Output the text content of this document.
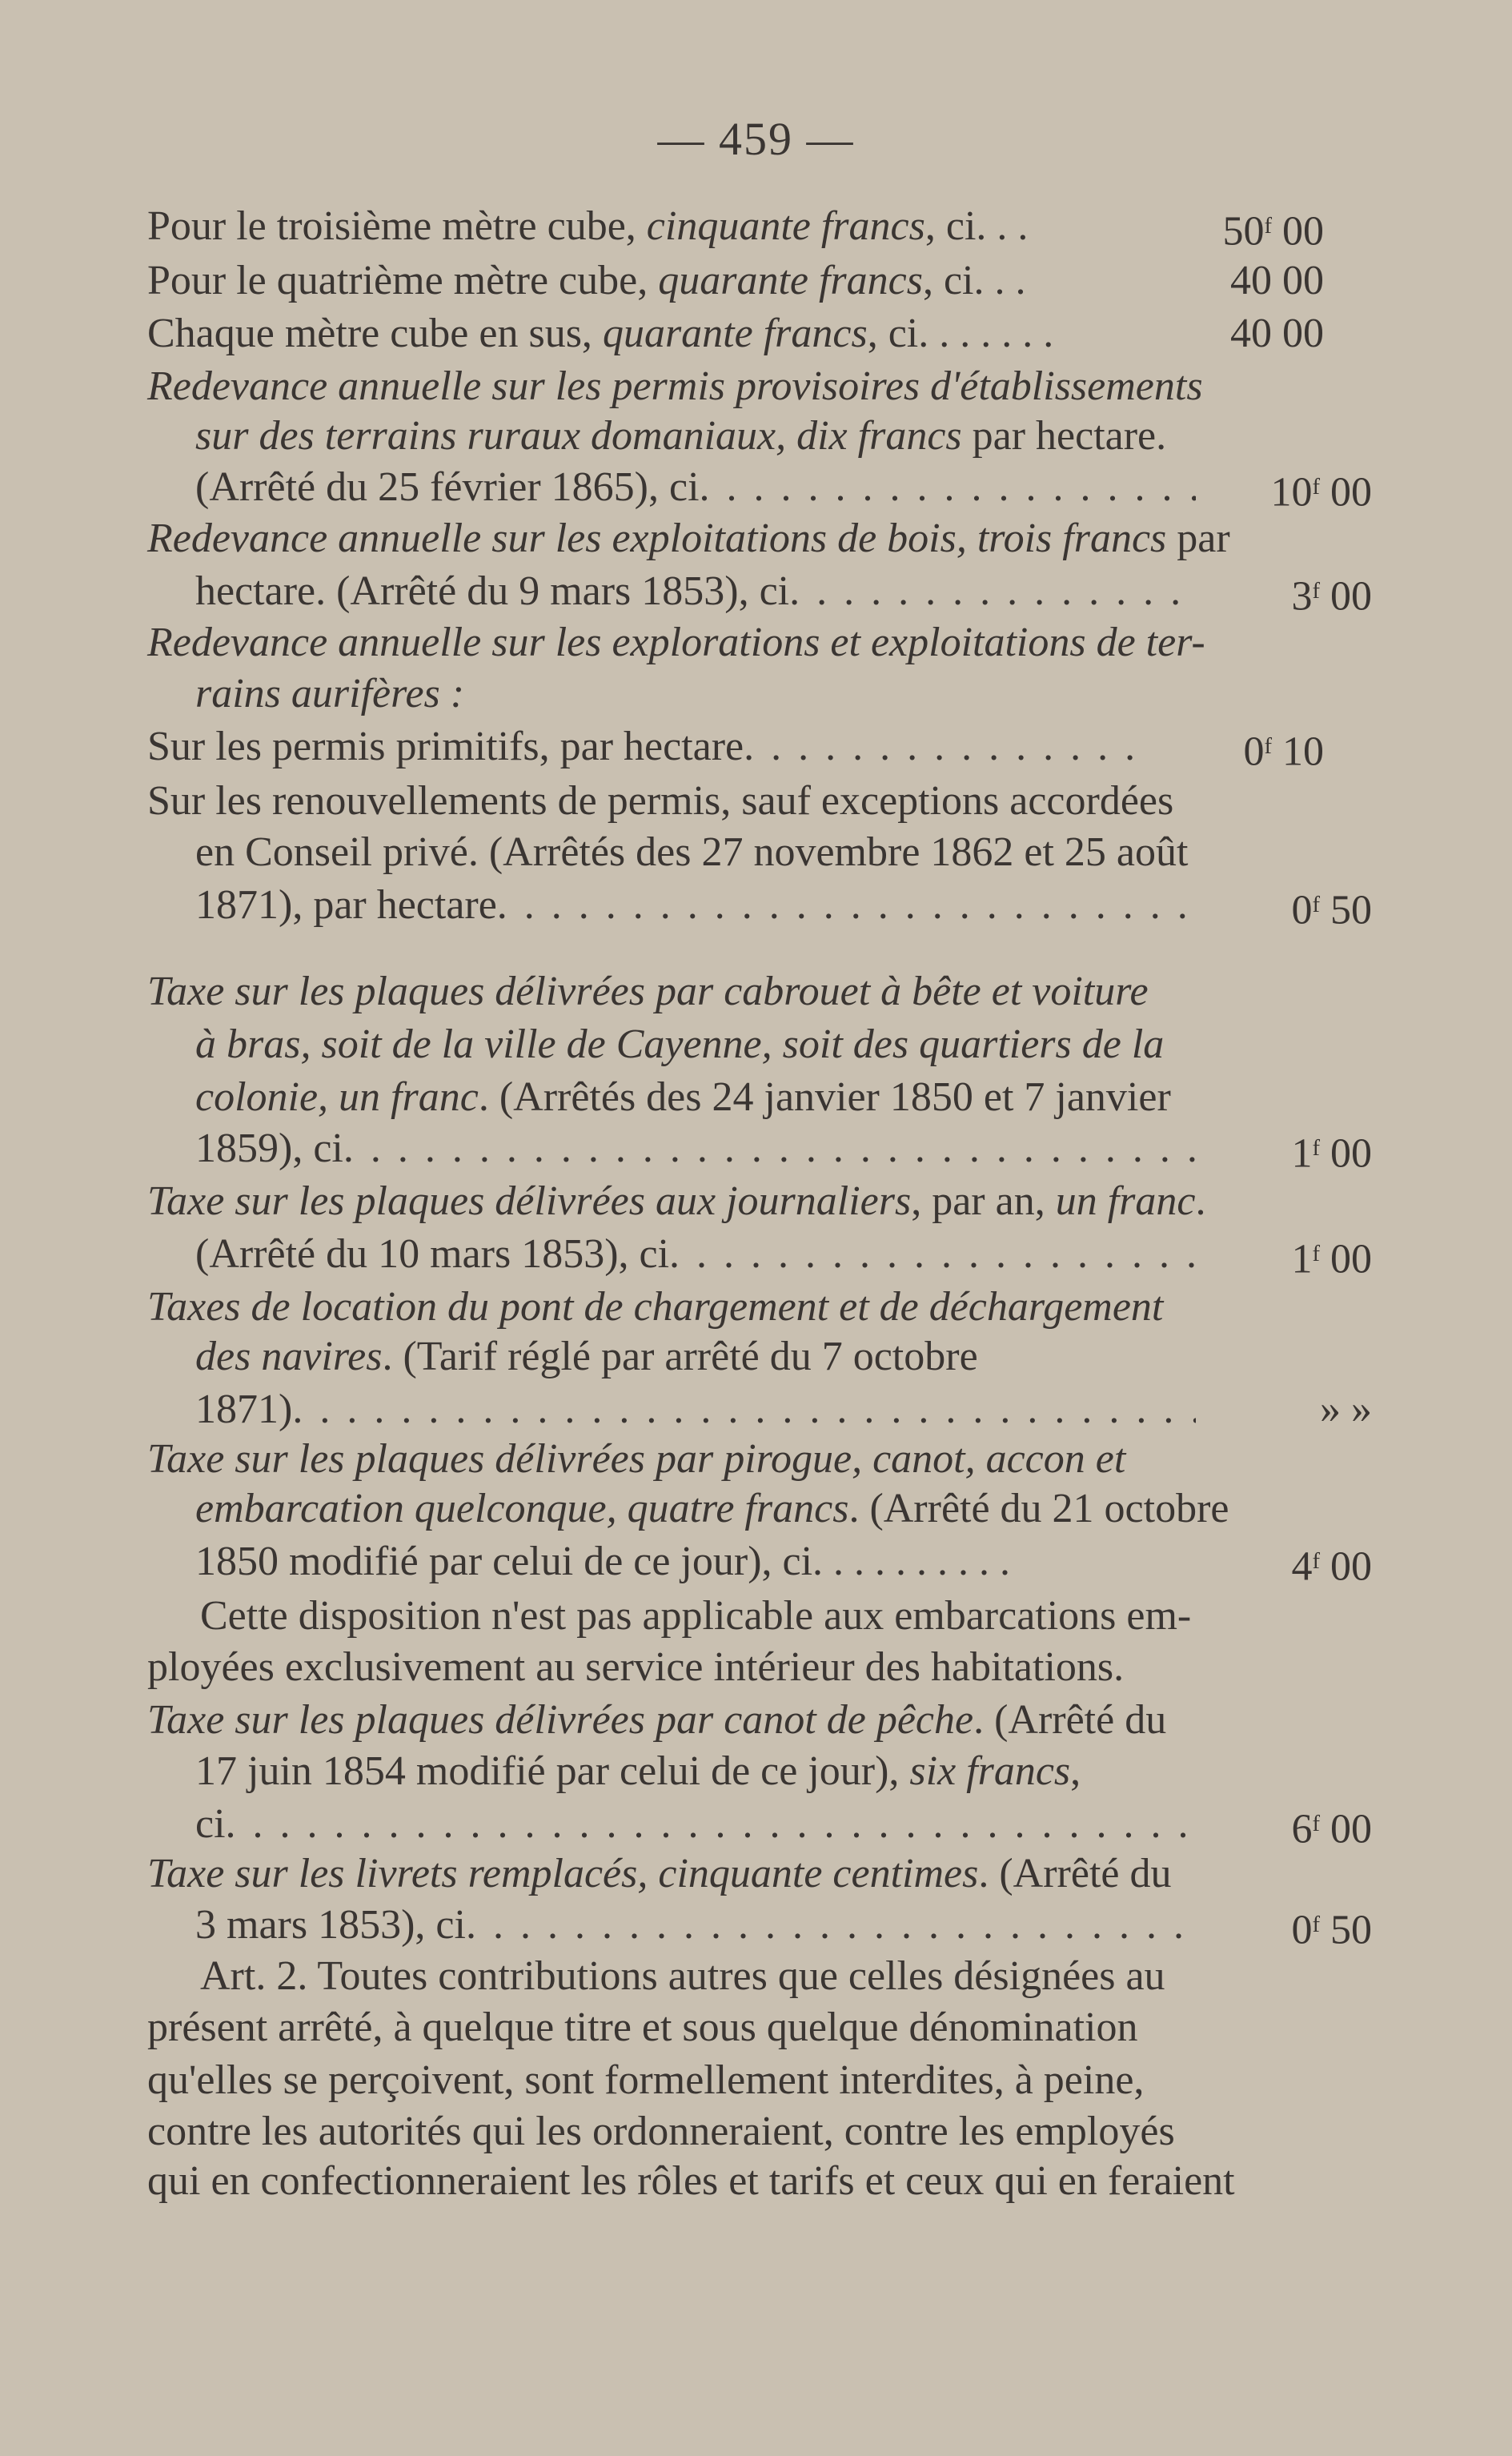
— 459 —
Pour le troisième mètre cube, cinquante francs, ci. . .	50$^f$ 00
Pour le quatrième mètre cube, quarante francs, ci. . .	40 00
Chaque mètre cube en sus, quarante francs, ci. . . . . . .	40 00
Redevance annuelle sur les permis provisoires d'établissements
sur des terrains ruraux domaniaux, dix francs par hectare.
(Arrêté du 25 février 1865), ci . . .	10$^f$ 00
Redevance annuelle sur les exploitations de bois, trois francs par
hectare. (Arrêté du 9 mars 1853), ci . . .	3$^f$ 00
Redevance annuelle sur les explorations et exploitations de ter-
rains aurifères :
Sur les permis primitifs, par hectare . . .	0$^f$ 10
Sur les renouvellements de permis, sauf exceptions accordées
en Conseil privé. (Arrêtés des 27 novembre 1862 et 25 août
1871), par hectare . . .	0$^f$ 50
Taxe sur les plaques délivrées par cabrouet à bête et voiture
à bras, soit de la ville de Cayenne, soit des quartiers de la
colonie, un franc. (Arrêtés des 24 janvier 1850 et 7 janvier
1859), ci . . .	1$^f$ 00
Taxe sur les plaques délivrées aux journaliers, par an, un franc.
(Arrêté du 10 mars 1853), ci . . .	1$^f$ 00
Taxes de location du pont de chargement et de déchargement
des navires. (Tarif réglé par arrêté du 7 octobre
1871) . . .	» »
Taxe sur les plaques délivrées par pirogue, canot, accon et
embarcation quelconque, quatre francs. (Arrêté du 21 octobre
1850 modifié par celui de ce jour), ci. . . . . . . . . .	4$^f$ 00
Cette disposition n'est pas applicable aux embarcations em-
ployées exclusivement au service intérieur des habitations.
Taxe sur les plaques délivrées par canot de pêche. (Arrêté du
17 juin 1854 modifié par celui de ce jour), six francs,
ci . . .	6$^f$ 00
Taxe sur les livrets remplacés, cinquante centimes. (Arrêté du
3 mars 1853), ci . . .	0$^f$ 50
Art. 2. Toutes contributions autres que celles désignées au
présent arrêté, à quelque titre et sous quelque dénomination
qu'elles se perçoivent, sont formellement interdites, à peine,
contre les autorités qui les ordonneraient, contre les employés
qui en confectionneraient les rôles et tarifs et ceux qui en feraient
